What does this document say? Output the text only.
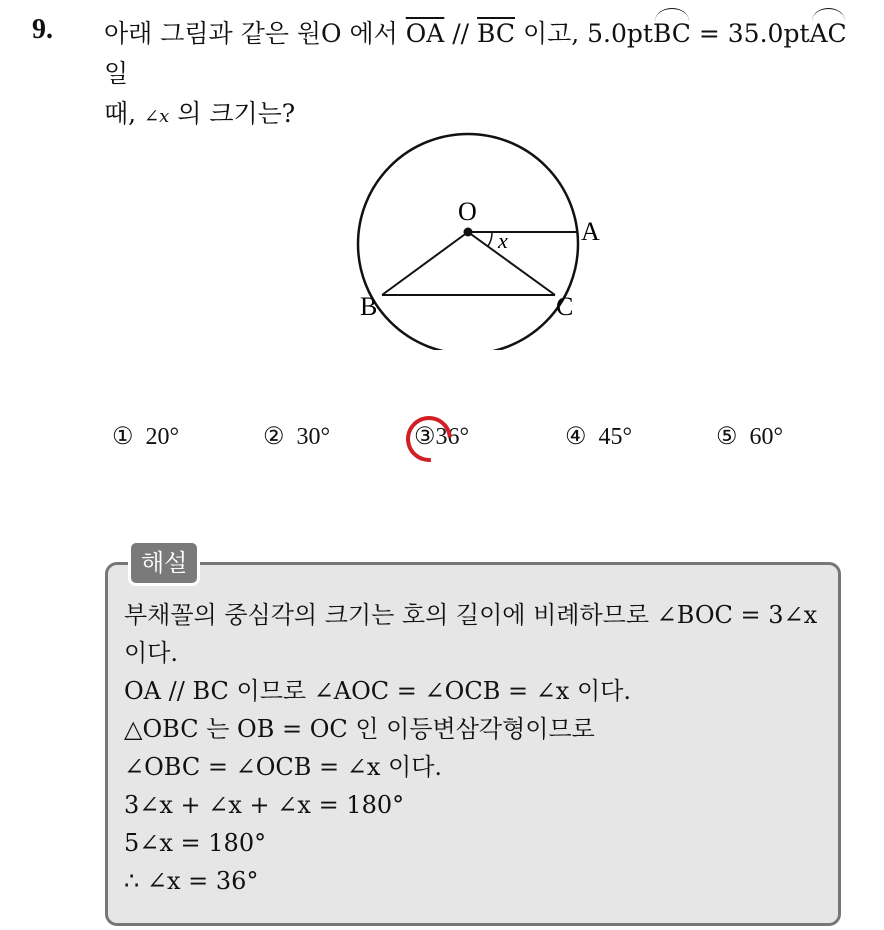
9. 아래 그림과 같은 원O 에서 $\overline{OA} // \overline{BC}$ 이고, 5.0ptBC = 35.0ptAC 일
때, ∠x 의 크기는?
O
A
B	C
x
① 20°	② 30°	③36°	④ 45°	⑤ 60°
해설
부채꼴의 중심각의 크기는 호의 길이에 비례하므로 ∠BOC = 3∠x
이다.
OA // BC 이므로 ∠AOC = ∠OCB = ∠x 이다.
△OBC 는 OB = OC 인 이등변삼각형이므로
∠OBC = ∠OCB = ∠x 이다.
3∠x + ∠x + ∠x = 180°
5∠x = 180°
∴ ∠x = 36°
